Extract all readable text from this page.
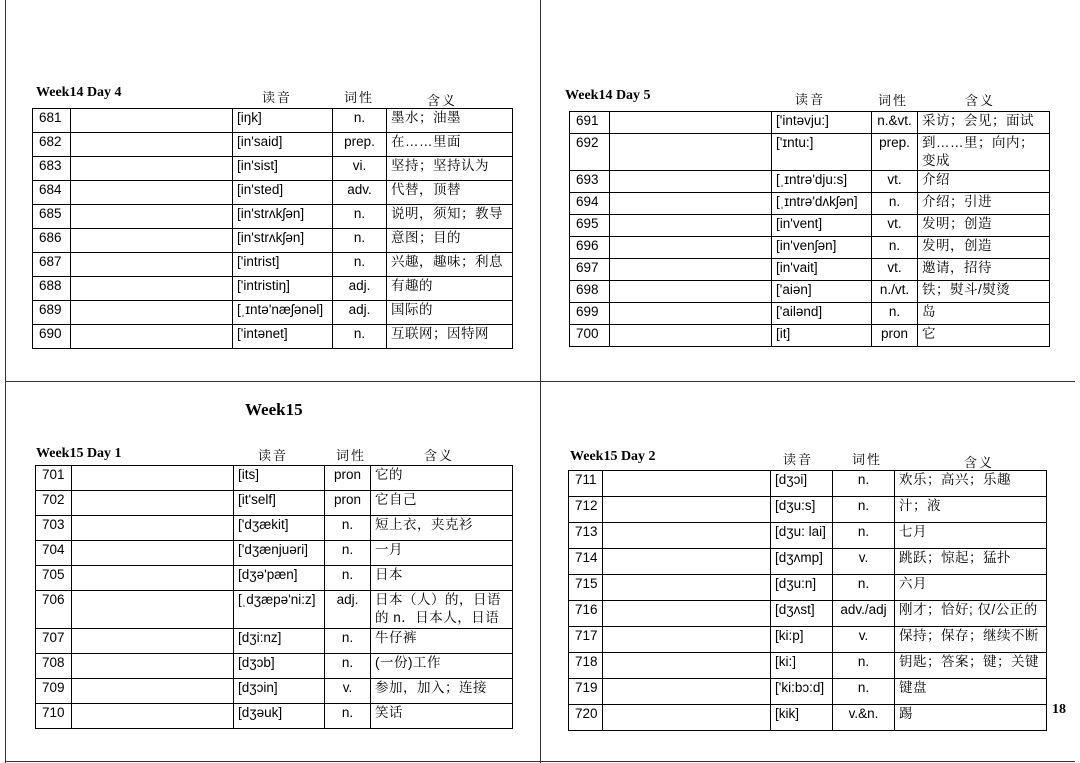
Week14 Day 4	读音	词性	含义
681		[iŋk]	n.	墨水；油墨
682		[in'said]	prep.	在……里面
683		[in'sist]	vi.	坚持；坚持认为
684		[in'sted]	adv.	代替，顶替
685		[in'strʌkʃən]	n.	说明，须知；教导
686		[in'strʌkʃən]	n.	意图；目的
687		['intrist]	n.	兴趣，趣味；利息
688		['intristiŋ]	adj.	有趣的
689		[ˌɪntə'næʃənəl]	adj.	国际的
690		['intənet]	n.	互联网；因特网
Week14 Day 5	读音	词性	含义
691		['intəvju:]	n.&vt.	采访；会见；面试
692		['ɪntu:]	prep.	到……里；向内；变成
693		[ˌɪntrə'dju:s]	vt.	介绍
694		[ˌɪntrə'dʌkʃən]	n.	介绍；引进
695		[in'vent]	vt.	发明；创造
696		[in'venʃən]	n.	发明，创造
697		[in'vait]	vt.	邀请，招待
698		['aiən]	n./vt.	铁；熨斗/熨烫
699		['ailənd]	n.	岛
700		[it]	pron	它
Week15
Week15 Day 1	读音	词性	含义
701		[its]	pron	它的
702		[it'self]	pron	它自己
703		['dʒækit]	n.	短上衣，夹克衫
704		['dʒænjuəri]	n.	一月
705		[dʒə'pæn]	n.	日本
706		[ˌdʒæpə'ni:z]	adj.	日本（人）的，日语的 n．日本人，日语
707		[dʒi:nz]	n.	牛仔裤
708		[dʒɔb]	n.	(一份)工作
709		[dʒɔin]	v.	参加，加入；连接
710		[dʒəuk]	n.	笑话
Week15 Day 2	读音	词性	含义
711		[dʒɔi]	n.	欢乐；高兴；乐趣
712		[dʒu:s]	n.	汁；液
713		[dʒu: lai]	n.	七月
714		[dʒʌmp]	v.	跳跃；惊起；猛扑
715		[dʒu:n]	n.	六月
716		[dʒʌst]	adv./adj	刚才；恰好; 仅/公正的
717		[ki:p]	v.	保持；保存；继续不断
718		[ki:]	n.	钥匙；答案；键；关键
719		['ki:bɔ:d]	n.	键盘
720		[kik]	v.&n.	踢	18
